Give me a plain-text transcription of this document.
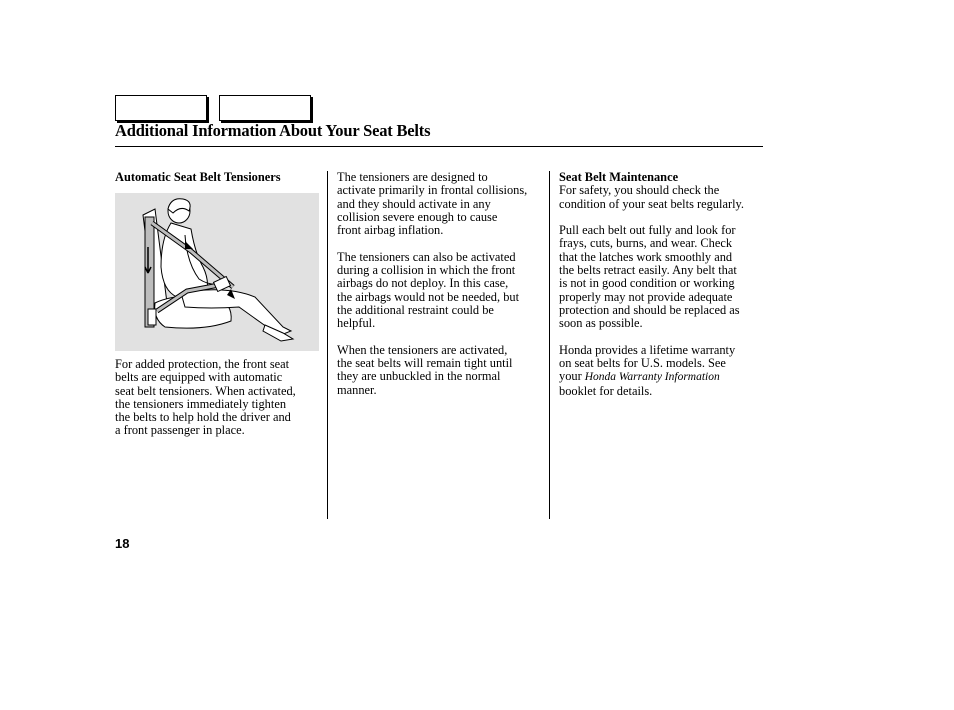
Additional Information About Your Seat Belts
Automatic Seat Belt Tensioners

For added protection, the front seat
belts are equipped with automatic
seat belt tensioners. When activated,
the tensioners immediately tighten
the belts to help hold the driver and
a front passenger in place.

The tensioners are designed to
activate primarily in frontal collisions,
and they should activate in any
collision severe enough to cause
front airbag inflation.

The tensioners can also be activated
during a collision in which the front
airbags do not deploy. In this case,
the airbags would not be needed, but
the additional restraint could be
helpful.

When the tensioners are activated,
the seat belts will remain tight until
they are unbuckled in the normal
manner.

Seat Belt Maintenance

For safety, you should check the
condition of your seat belts regularly.

Pull each belt out fully and look for
frays, cuts, burns, and wear. Check
that the latches work smoothly and
the belts retract easily. Any belt that
is not in good condition or working
properly may not provide adequate
protection and should be replaced as
soon as possible.

Honda provides a lifetime warranty
on seat belts for U.S. models. See
your Honda Warranty Information
booklet for details.

18
